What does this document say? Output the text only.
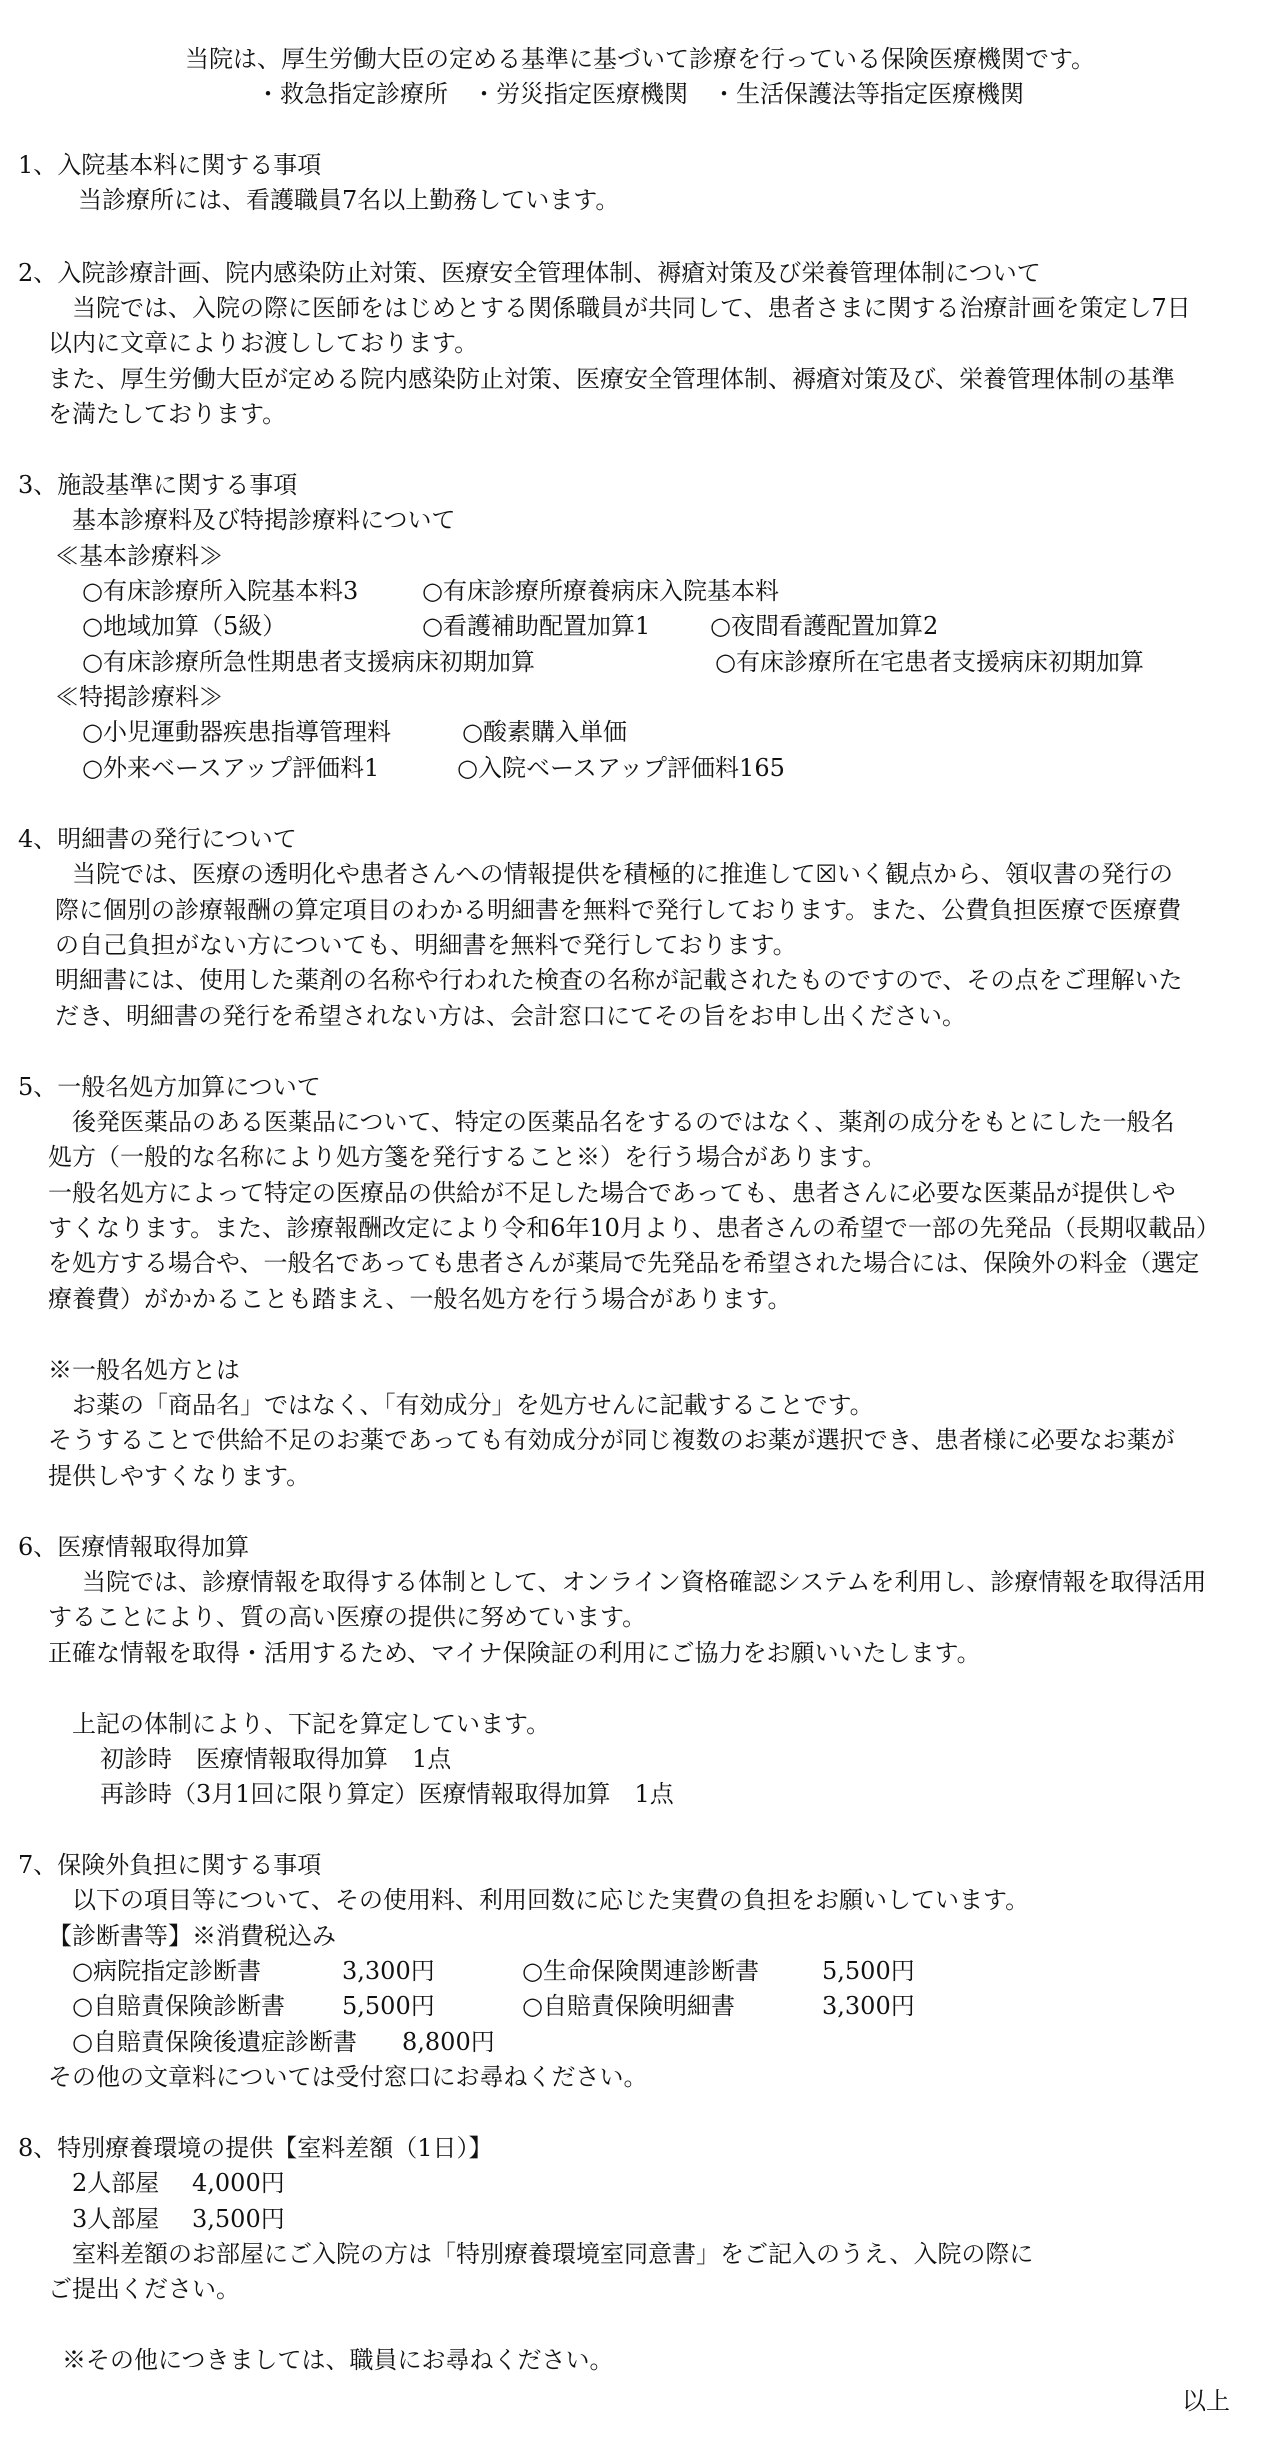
当院は、厚生労働大臣の定める基準に基づいて診療を行っている保険医療機関です。
・救急指定診療所　・労災指定医療機関　・生活保護法等指定医療機関
1、入院基本料に関する事項
当診療所には、看護職員7名以上勤務しています。
2、入院診療計画、院内感染防止対策、医療安全管理体制、褥瘡対策及び栄養管理体制について
当院では、入院の際に医師をはじめとする関係職員が共同して、患者さまに関する治療計画を策定し7日
以内に文章によりお渡ししております。
また、厚生労働大臣が定める院内感染防止対策、医療安全管理体制、褥瘡対策及び、栄養管理体制の基準
を満たしております。
3、施設基準に関する事項
基本診療料及び特掲診療料について
≪基本診療料≫
○有床診療所入院基本料3	○有床診療所療養病床入院基本料
○地域加算（5級）	○看護補助配置加算1 ○夜間看護配置加算2
○有床診療所急性期患者支援病床初期加算	○有床診療所在宅患者支援病床初期加算
≪特掲診療料≫
○小児運動器疾患指導管理料	○酸素購入単価
○外来ベースアップ評価料1	○入院ベースアップ評価料165
4、明細書の発行について
当院では、医療の透明化や患者さんへの情報提供を積極的に推進して☒いく観点から、領収書の発行の
際に個別の診療報酬の算定項目のわかる明細書を無料で発行しております。また、公費負担医療で医療費
の自己負担がない方についても、明細書を無料で発行しております。
明細書には、使用した薬剤の名称や行われた検査の名称が記載されたものですので、その点をご理解いた
だき、明細書の発行を希望されない方は、会計窓口にてその旨をお申し出ください。
5、一般名処方加算について
後発医薬品のある医薬品について、特定の医薬品名をするのではなく、薬剤の成分をもとにした一般名
処方（一般的な名称により処方箋を発行すること※）を行う場合があります。
一般名処方によって特定の医療品の供給が不足した場合であっても、患者さんに必要な医薬品が提供しや
すくなります。また、診療報酬改定により令和6年10月より、患者さんの希望で一部の先発品（長期収載品）
を処方する場合や、一般名であっても患者さんが薬局で先発品を希望された場合には、保険外の料金（選定
療養費）がかかることも踏まえ、一般名処方を行う場合があります。
※一般名処方とは
お薬の「商品名」ではなく、「有効成分」を処方せんに記載することです。
そうすることで供給不足のお薬であっても有効成分が同じ複数のお薬が選択でき、患者様に必要なお薬が
提供しやすくなります。
6、医療情報取得加算
当院では、診療情報を取得する体制として、オンライン資格確認システムを利用し、診療情報を取得活用
することにより、質の高い医療の提供に努めています。
正確な情報を取得・活用するため、マイナ保険証の利用にご協力をお願いいたします。
上記の体制により、下記を算定しています。
初診時　医療情報取得加算　1点
再診時（3月1回に限り算定）医療情報取得加算　1点
7、保険外負担に関する事項
以下の項目等について、その使用料、利用回数に応じた実費の負担をお願いしています。
【診断書等】※消費税込み
○病院指定診断書	3,300円	○生命保険関連診断書	5,500円
○自賠責保険診断書 5,500円	○自賠責保険明細書	3,300円
○自賠責保険後遺症診断書 8,800円
その他の文章料については受付窓口にお尋ねください。
8、特別療養環境の提供【室料差額（1日）】
2人部屋 4,000円
3人部屋 3,500円
室料差額のお部屋にご入院の方は「特別療養環境室同意書」をご記入のうえ、入院の際に
ご提出ください。
※その他につきましては、職員にお尋ねください。
以上
